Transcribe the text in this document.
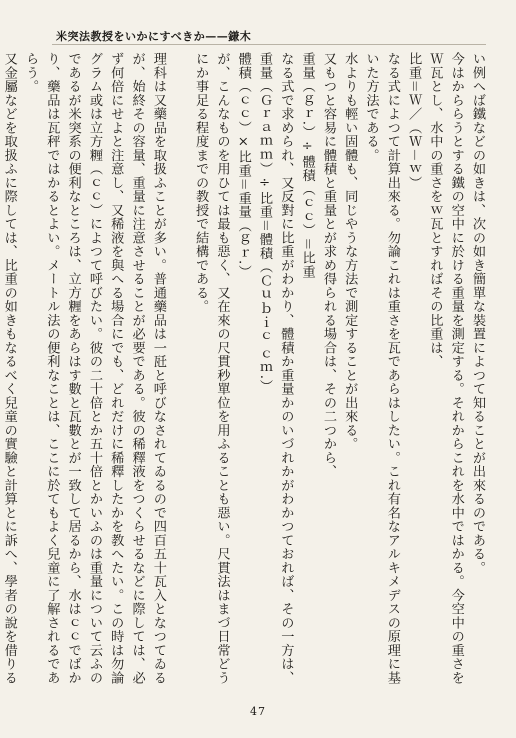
米突法教授をいかにすべきか——鎌木

い例へば鐵などの如きは、次の如き簡單な裝置によつて知ることが出來るのである。

今はかららうとする鐵の空中に於ける重量を測定する。それからこれを水中ではかる。今空中の重さをＷ瓦とし、水中の重さをｗ瓦とすればその比重は、

比重＝Ｗ／（Ｗ－ｗ）

なる式によつて計算出來る。勿論これは重さを瓦であらはしたい。これ有名なアルキメデスの原理に基いた方法である。

水よりも輕い固體も、同じやうな方法で測定することが出來る。

又もつと容易に體積と重量とが求め得られる場合は、その二つから、

重量（ｇｒ.）÷體積（ｃｃ）＝比重

なる式で求められ、又反對に比重がわかり、體積か重量かのいづれかがわかつておれば、その一方は、

重量（Ｇｒａｍｍ）÷比重＝體積（Ｃｕｂｉｃ ｃｍ.）

體積（ｃｃ）×比重＝重量（ｇｒ.）

が、こんなものを用ひては最も惡く、又在來の尺貫秒單位を用ふることも惡い。尺貫法はまづ日常どうにか事足る程度までの教授で結構である。

理科は又藥品を取扱ふことが多い。普通藥品は一瓩と呼びなされてゐるので四百五十瓦入となつてゐるが、始終その容量、重量に注意させることが必要である。彼の稀釋液をつくらせるなどに際しては、必ず何倍にせよと注意し、又稀液を與へる場合にでも、どれだけに稀釋したかを教へたい。この時は勿論グラム或は立方糎（ｃｃ）によつて呼びたい。彼の二十倍とか五十倍とかいふのは重量について云ふのであるが米突系の便利なところは、立方糎をあらはす數と瓦數とが一致して居るから、水はｃｃでばかり、藥品は瓦秤ではかるとよい。メートル法の便利なことは、ここに於てもよく兒童に了解されるであらう。

又金屬などを取扱ふに際しては、比重の如きもなるべく兒童の實驗と計算とに訴へ、學者の說を借りる

47
